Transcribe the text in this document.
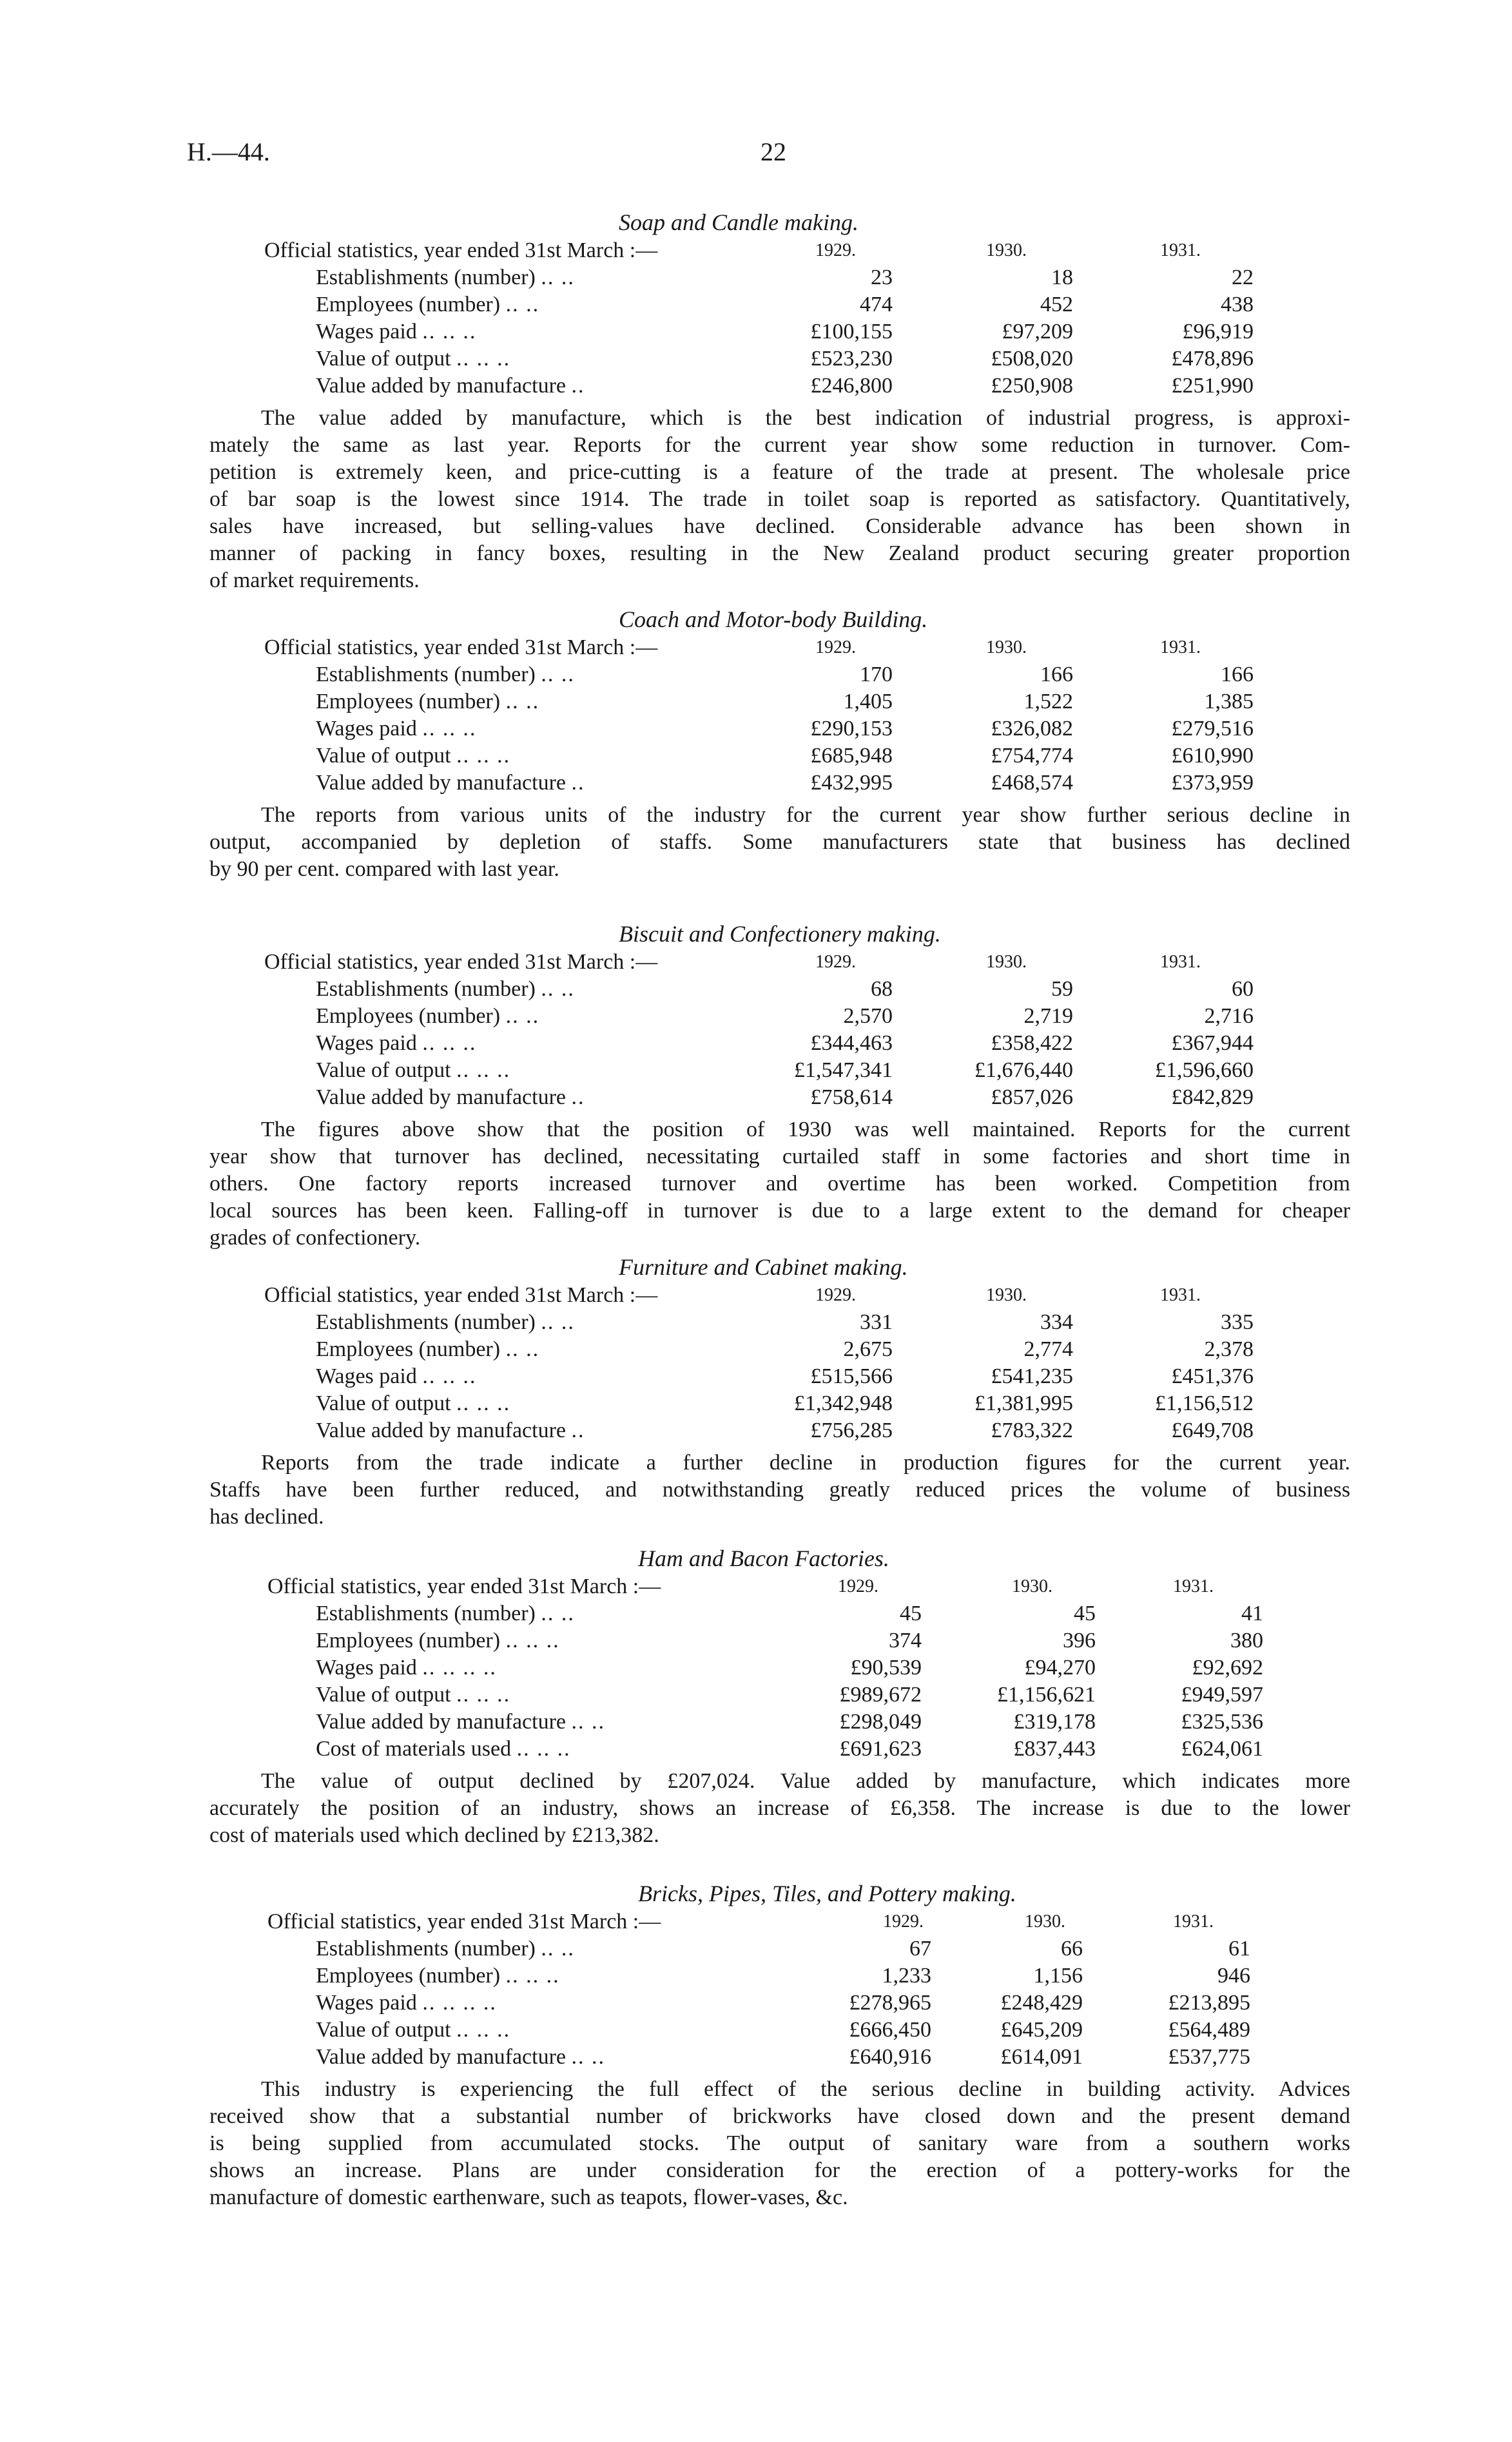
H.—44.	22
Soap and Candle making.
Official statistics, year ended 31st March :—	1929.	1930.	1931.
Establishments (number) .. ..	23	18	22
Employees (number) .. ..	474	452	438
Wages paid .. .. ..	£100,155	£97,209	£96,919
Value of output .. .. ..	£523,230	£508,020	£478,896
Value added by manufacture ..	£246,800	£250,908	£251,990
The value added by manufacture, which is the best indication of industrial progress, is approxi-
mately the same as last year. Reports for the current year show some reduction in turnover. Com-
petition is extremely keen, and price-cutting is a feature of the trade at present. The wholesale price
of bar soap is the lowest since 1914. The trade in toilet soap is reported as satisfactory. Quantitatively,
sales have increased, but selling-values have declined. Considerable advance has been shown in
manner of packing in fancy boxes, resulting in the New Zealand product securing greater proportion
of market requirements.
Coach and Motor-body Building.
Official statistics, year ended 31st March :—	1929.	1930.	1931.
Establishments (number) .. ..	170	166	166
Employees (number) .. ..	1,405	1,522	1,385
Wages paid .. .. ..	£290,153	£326,082	£279,516
Value of output .. .. ..	£685,948	£754,774	£610,990
Value added by manufacture ..	£432,995	£468,574	£373,959
The reports from various units of the industry for the current year show further serious decline in
output, accompanied by depletion of staffs. Some manufacturers state that business has declined
by 90 per cent. compared with last year.
Biscuit and Confectionery making.
Official statistics, year ended 31st March :—	1929.	1930.	1931.
Establishments (number) .. ..	68	59	60
Employees (number) .. ..	2,570	2,719	2,716
Wages paid .. .. ..	£344,463	£358,422	£367,944
Value of output .. .. ..	£1,547,341	£1,676,440	£1,596,660
Value added by manufacture ..	£758,614	£857,026	£842,829
The figures above show that the position of 1930 was well maintained. Reports for the current
year show that turnover has declined, necessitating curtailed staff in some factories and short time in
others. One factory reports increased turnover and overtime has been worked. Competition from
local sources has been keen. Falling-off in turnover is due to a large extent to the demand for cheaper
grades of confectionery.
Furniture and Cabinet making.
Official statistics, year ended 31st March :—	1929.	1930.	1931.
Establishments (number) .. ..	331	334	335
Employees (number) .. ..	2,675	2,774	2,378
Wages paid .. .. ..	£515,566	£541,235	£451,376
Value of output .. .. ..	£1,342,948	£1,381,995	£1,156,512
Value added by manufacture ..	£756,285	£783,322	£649,708
Reports from the trade indicate a further decline in production figures for the current year.
Staffs have been further reduced, and notwithstanding greatly reduced prices the volume of business
has declined.
Ham and Bacon Factories.
Official statistics, year ended 31st March :—	1929.	1930.	1931.
Establishments (number) .. ..	45	45	41
Employees (number) .. .. ..	374	396	380
Wages paid .. .. .. ..	£90,539	£94,270	£92,692
Value of output .. .. ..	£989,672	£1,156,621	£949,597
Value added by manufacture .. ..	£298,049	£319,178	£325,536
Cost of materials used .. .. ..	£691,623	£837,443	£624,061
The value of output declined by £207,024. Value added by manufacture, which indicates more
accurately the position of an industry, shows an increase of £6,358. The increase is due to the lower
cost of materials used which declined by £213,382.
Bricks, Pipes, Tiles, and Pottery making.
Official statistics, year ended 31st March :—	1929.	1930.	1931.
Establishments (number) .. ..	67	66	61
Employees (number) .. .. ..	1,233	1,156	946
Wages paid .. .. .. ..	£278,965	£248,429	£213,895
Value of output .. .. ..	£666,450	£645,209	£564,489
Value added by manufacture .. ..	£640,916	£614,091	£537,775
This industry is experiencing the full effect of the serious decline in building activity. Advices
received show that a substantial number of brickworks have closed down and the present demand
is being supplied from accumulated stocks. The output of sanitary ware from a southern works
shows an increase. Plans are under consideration for the erection of a pottery-works for the
manufacture of domestic earthenware, such as teapots, flower-vases, &c.
